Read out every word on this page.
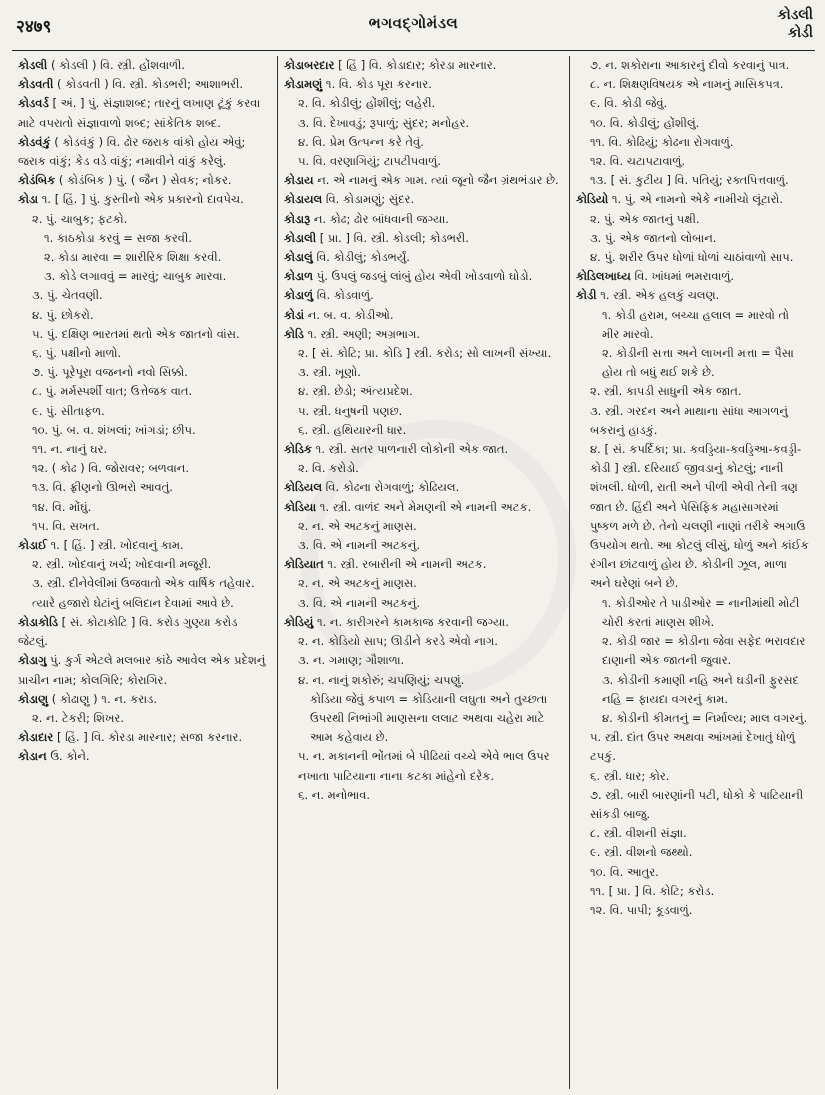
२४७९	ભગવદ્ગોમંડલ	કોડલી
કોડી

કોડલી ( કોડલી ) વિ. સ્ત્રી. હોંશવાળી.

કોડવતી ( કોડવતી ) વિ. સ્ત્રી. કોડભરી; આશાભરી.

કોડવર્ડ [ અં. ] પું. સંજ્ઞાશબ્દ; તારનું લખાણ ટૂંકું કરવા માટે વપરાતો સંજ્ઞાવાળો શબ્દ; સાંકેતિક શબ્દ.

કોડવંકું ( કોડવંકું ) વિ. ઢોર જરાક વાંકો હોય એવું; જરાક વાંકું; કેડ વડે વાંકું; નમાવીને વાંકું કરેલું.

કોડંબિક ( કોડંબિક ) પું. ( જૈન ) સેવક; નોકર.

કોડા ૧. [ હિં. ] પું. કુસ્તીનો એક પ્રકારનો દાવપેચ.

૨. પું. ચાબુક; ફટકો.

૧. કાઠકોડા કરવું = સજા કરવી.

૨. કોડા મારવા = શારીરિક શિક્ષા કરવી.

૩. કોડે લગાવવું = મારવું; ચાબુક મારવા.

૩. પું. ચેતવણી.

૪. પું. છોકરો.

૫. પું. દક્ષિણ ભારતમાં થતો એક જાતનો વાંસ.

૬. પું. પક્ષીનો માળો.

૭. પું. પૂરેપૂરા વજનનો નવો સિક્કો.

૮. પું. મર્મસ્પર્શી વાત; ઉત્તેજક વાત.

૯. પું. સીતાફળ.

૧૦. પું. બ. વ. શંખલાં; ખાંગડાં; છીપ.

૧૧. ન. નાનું ઘર.

૧૨. ( કોઢ ) વિ. જોરાવર; બળવાન.

૧૩. વિ. ફ્રીણનો ઊભરો આવતું.

૧૪. વિ. મોંઘું.

૧૫. વિ. સખત.

કોડાઈ ૧. [ હિં. ] સ્ત્રી. ખોદવાનું કામ.

૨. સ્ત્રી. ખોદવાનું ખર્ચ; ખોદવાની મજૂરી.

૩. સ્ત્રી. દીનેવેલીમાં ઉજવાતો એક વાર્ષિક તહેવાર. ત્યારે હજારો ઘેટાંનું બલિદાન દેવામાં આવે છે.

કોડાકોડિ [ સં. કોટાકોટિ ] વિ. કરોડ ગુણ્યા કરોડ જેટલું.

કોડાગુ પું. કુર્ગ એટલે મલબાર કાંઠે આવેલ એક પ્રદેશનું પ્રાચીન નામ; કોલગિરિ; કોરાગિર.

કોડાણુ ( કોઢાણુ ) ૧. ન. કરાડ.

૨. ન. ટેકરી; શિખર.

કોડાદાર [ હિં. ] વિ. કોરડા મારનાર; સજા કરનાર.

કોડાન ઉ. કોને.

કોડાબરદાર [ હિં ] વિ. કોડાદાર; કોરડા મારનાર.

કોડામણું ૧. વિ. કોડ પૂરા કરનાર.

૨. વિ. કોડીલું; હોંશીલું; લહેરી.

૩. વિ. દેખાવડું; રૂપાળું; સુંદર; મનોહર.

૪. વિ. પ્રેમ ઉત્પન્ન કરે તેવું.

૫. વિ. વરણાગિયું; ટાપટીપવાળું.

કોડાય ન. એ નામનું એક ગામ. ત્યાં જૂનો જૈન ગ્રંથભંડાર છે.

કોડાયલ વિ. કોડામણું; સુંદર.

કોડારૂ ન. કોઢ; ઢોર બાંધવાની જગ્યા.

કોડાલી [ પ્રા. ] વિ. સ્ત્રી. કોડલી; કોડભરી.

કોડાલું વિ. કોડીલું; કોડભર્યું.

કોડાળ પું. ઉપલું જડબું લાંબું હોય એવી ખોડવાળો ઘોડો.

કોડાળું વિ. કોડવાળું.

કોડાં ન. બ. વ. કોડીઓ.

કોડિ ૧. સ્ત્રી. અણી; અગ્રભાગ.

૨. [ સં. કોટિ; પ્રા. કોડિ ] સ્ત્રી. કરોડ; સો લાખની સંખ્યા.

૩. સ્ત્રી. ખૂણો.

૪. સ્ત્રી. છેડો; અંત્યપ્રદેશ.

૫. સ્ત્રી. ધનુષની પણછ.

૬. સ્ત્રી. હથિયારની ધાર.

કોડિક ૧. સ્ત્રી. સતર પાળનારી લોકોની એક જાત.

૨. વિ. કરોડો.

કોડિયલ વિ. કોઢના રોગવાળું; કોઢિયલ.

કોડિયા ૧. સ્ત્રી. વાળંદ અને મેમણની એ નામની અટક.

૨. ન. એ અટકનું માણસ.

૩. વિ. એ નામની અટકનું.

કોડિયાત ૧. સ્ત્રી. રબારીની એ નામની અટક.

૨. ન. એ અટકનું માણસ.

૩. વિ. એ નામની અટકનું.

કોડિયું ૧. ન. કારીગરને કામકાજ કરવાની જગ્યા.

૨. ન. કોડિયો સાપ; ઊડીને કરડે એવો નાગ.

૩. ન. ગમાણ; ગૌશાળા.

૪. ન. નાનું શકોરું; ચપણિયું; ચપણું.

કોડિયા જેવું કપાળ = કોડિયાની લઘુતા અને તુચ્છતા ઉપરથી નિભાંગી માણસના લલાટ અથવા ચહેરા માટે આમ કહેવાય છે.

૫. ન. મકાનની ભોંતમાં બે પીઢિયાં વચ્ચે એવે ભાલ ઉપર નખાતા પાટિયાના નાના કટકા માંહેનો દરેક.

૬. ન. મનોભાવ.

૭. ન. શકોરાના આકારનું દીવો કરવાનું પાત્ર.

૮. ન. શિક્ષણવિષયક એ નામનું માસિકપત્ર.

૯. વિ. કોડી જેવું.

૧૦. વિ. કોડીલું; હોંશીલું.

૧૧. વિ. કોઢિયું; કોઢના રોગવાળું.

૧૨. વિ. ચટાપટાવાળું.

૧૩. [ સં. કુટીય ] વિ. પતિયું; રક્તપિત્તવાળું.

કોડિયો ૧. પું. એ નામનો એકે નામીચો લૂંટારો.

૨. પું. એક જાતનું પક્ષી.

૩. પું. એક જાતનો લોબાન.

૪. પું. શરીર ઉપર ધોળાં ધોળાં ચાઠાંવાળો સાપ.

કોડિલખાધ્ય વિ. ખાંધમાં ભમરાવાળું.

કોડી ૧. સ્ત્રી. એક હલકું ચલણ.

૧. કોડી હરામ, બચ્ચા હલાલ = મારવો તો મીર મારવો.

૨. કોડીની સત્તા અને લાખની મત્તા = પૈસા હોય તો બધું થઈ શકે છે.

૨. સ્ત્રી. કાપડી સાધુની એક જાત.

૩. સ્ત્રી. ગરદન અને માથાના સાંધા આગળનું બકરાનું હાડકું.

૪. [ સં. કપર્દિકા; પ્રા. કવડ્ડિયા-કવડ્ડિઆ-કવડ્ડી-કોડી ] સ્ત્રી. દરિયાઈ જીવડાનું કોટલું; નાની શંખલી. ધોળી, રાતી અને પીળી એવી તેની ત્રણ જાત છે. હિંદી અને પેસિફિક મહાસાગરમાં પુષ્કળ મળે છે. તેનો ચલણી નાણાં તરીકે અગાઉ ઉપયોગ થતો. આ કોટલું લીસું, ધોળું અને કાંઈક રંગીન છાંટવાળું હોય છે. કોડીની ઝૂલ, માળા અને ઘરેણાં બને છે.

૧. કોડીઓર તે પાડીઓર = નાનીમાંથી મોટી ચોરી કરતાં માણસ શીખે.

૨. કોડી જાર = કોડીના જેવા સફેદ ભરાવદાર દાણાની એક જાતની જુવાર.

૩. કોડીની કમાણી નહિ અને ઘડીની ફુરસદ નહિ = ફાયદા વગરનું કામ.

૪. કોડીની કીમતનું = નિર્માલ્ય; માલ વગરનું.

૫. સ્ત્રી. દાંત ઉપર અથવા આંખમાં દેખાતું ધોળું ટપકું.

૬. સ્ત્રી. ધાર; કોર.

૭. સ્ત્રી. બારી બારણાંની પટી, ધોકો કે પાટિયાની સાંકડી બાજુ.

૮. સ્ત્રી. વીશની સંજ્ઞા.

૯. સ્ત્રી. વીશનો જથ્થો.

૧૦. વિ. આતુર.

૧૧. [ પ્રા. ] વિ. કોટિ; કરોડ.

૧૨. વિ. પાપી; કૂડવાળું.
